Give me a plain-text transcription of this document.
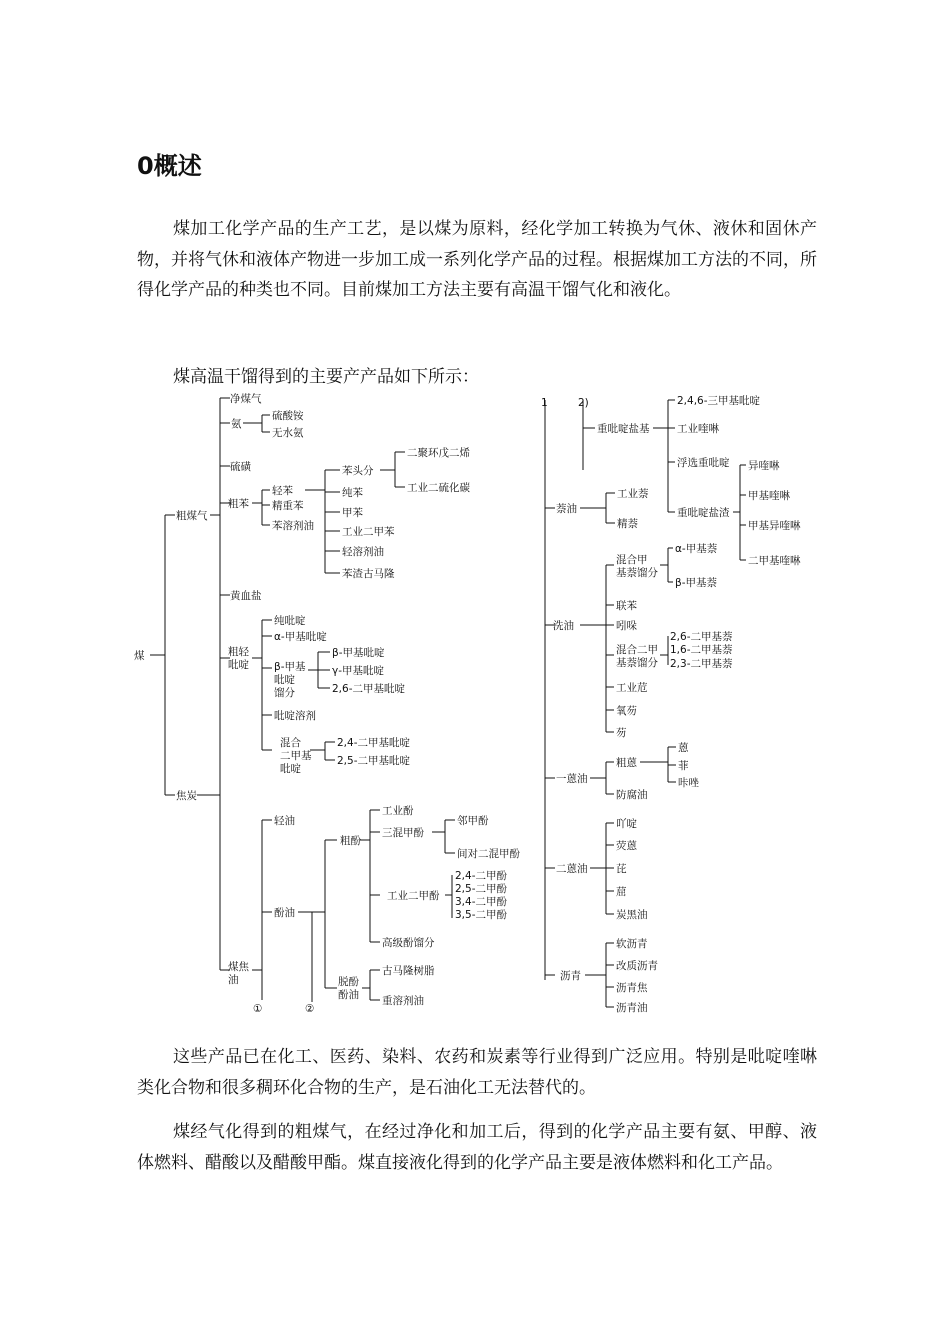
0概述

煤加工化学产品的生产工艺，是以煤为原料，经化学加工转换为气休、液休和固休产物，并将气休和液体产物进一步加工成一系列化学产品的过程。根据煤加工方法的不同，所得化学产品的种类也不同。目前煤加工方法主要有高温干馏气化和液化。

煤高温干馏得到的主要产产品如下所示：

煤
粗煤气
焦炭
净煤气
氨
硫酸铵
无水氨
硫磺
粗苯
轻苯
精重苯
苯溶剂油
苯头分
纯苯
甲苯
工业二甲苯
轻溶剂油
苯渣古马隆
二聚环戊二烯
工业二硫化碳
黄血盐
粗轻吡啶
纯吡啶
α-甲基吡啶
β-甲基吡啶馏分
β-甲基吡啶
γ-甲基吡啶
2,6-二甲基吡啶
吡啶溶剂
混合二甲基吡啶
2,4-二甲基吡啶
2,5-二甲基吡啶
煤焦油
轻油
酚油
粗酚
工业酚
三混甲酚
邻甲酚
间对二混甲酚
工业二甲酚
2,4-二甲酚
2,5-二甲酚
3,4-二甲酚
3,5-二甲酚
高级酚馏分
脱酚酚油
古马隆树脂
重溶剂油
①	②
1	2)
重吡啶盐基
2,4,6-三甲基吡啶
工业喹啉
浮选重吡啶
重吡啶盐渣
异喹啉
甲基喹啉
甲基异喹啉
二甲基喹啉
萘油
工业萘
精萘
洗油
混合甲基萘馏分
α-甲基萘
β-甲基萘
联苯
吲哚
混合二甲基萘馏分
2,6-二甲基萘
1,6-二甲基萘
2,3-二甲基萘
工业苊
氧芴
芴
一蒽油
粗蒽
蒽
菲
咔唑
防腐油
二蒽油
吖啶
荧蒽
芘
䓛
炭黑油
沥青
软沥青
改质沥青
沥青焦
沥青油

这些产品已在化工、医药、染料、农药和炭素等行业得到广泛应用。特别是吡啶喹啉类化合物和很多稠环化合物的生产，是石油化工无法替代的。

煤经气化得到的粗煤气，在经过净化和加工后，得到的化学产品主要有氨、甲醇、液体燃料、醋酸以及醋酸甲酯。煤直接液化得到的化学产品主要是液体燃料和化工产品。
